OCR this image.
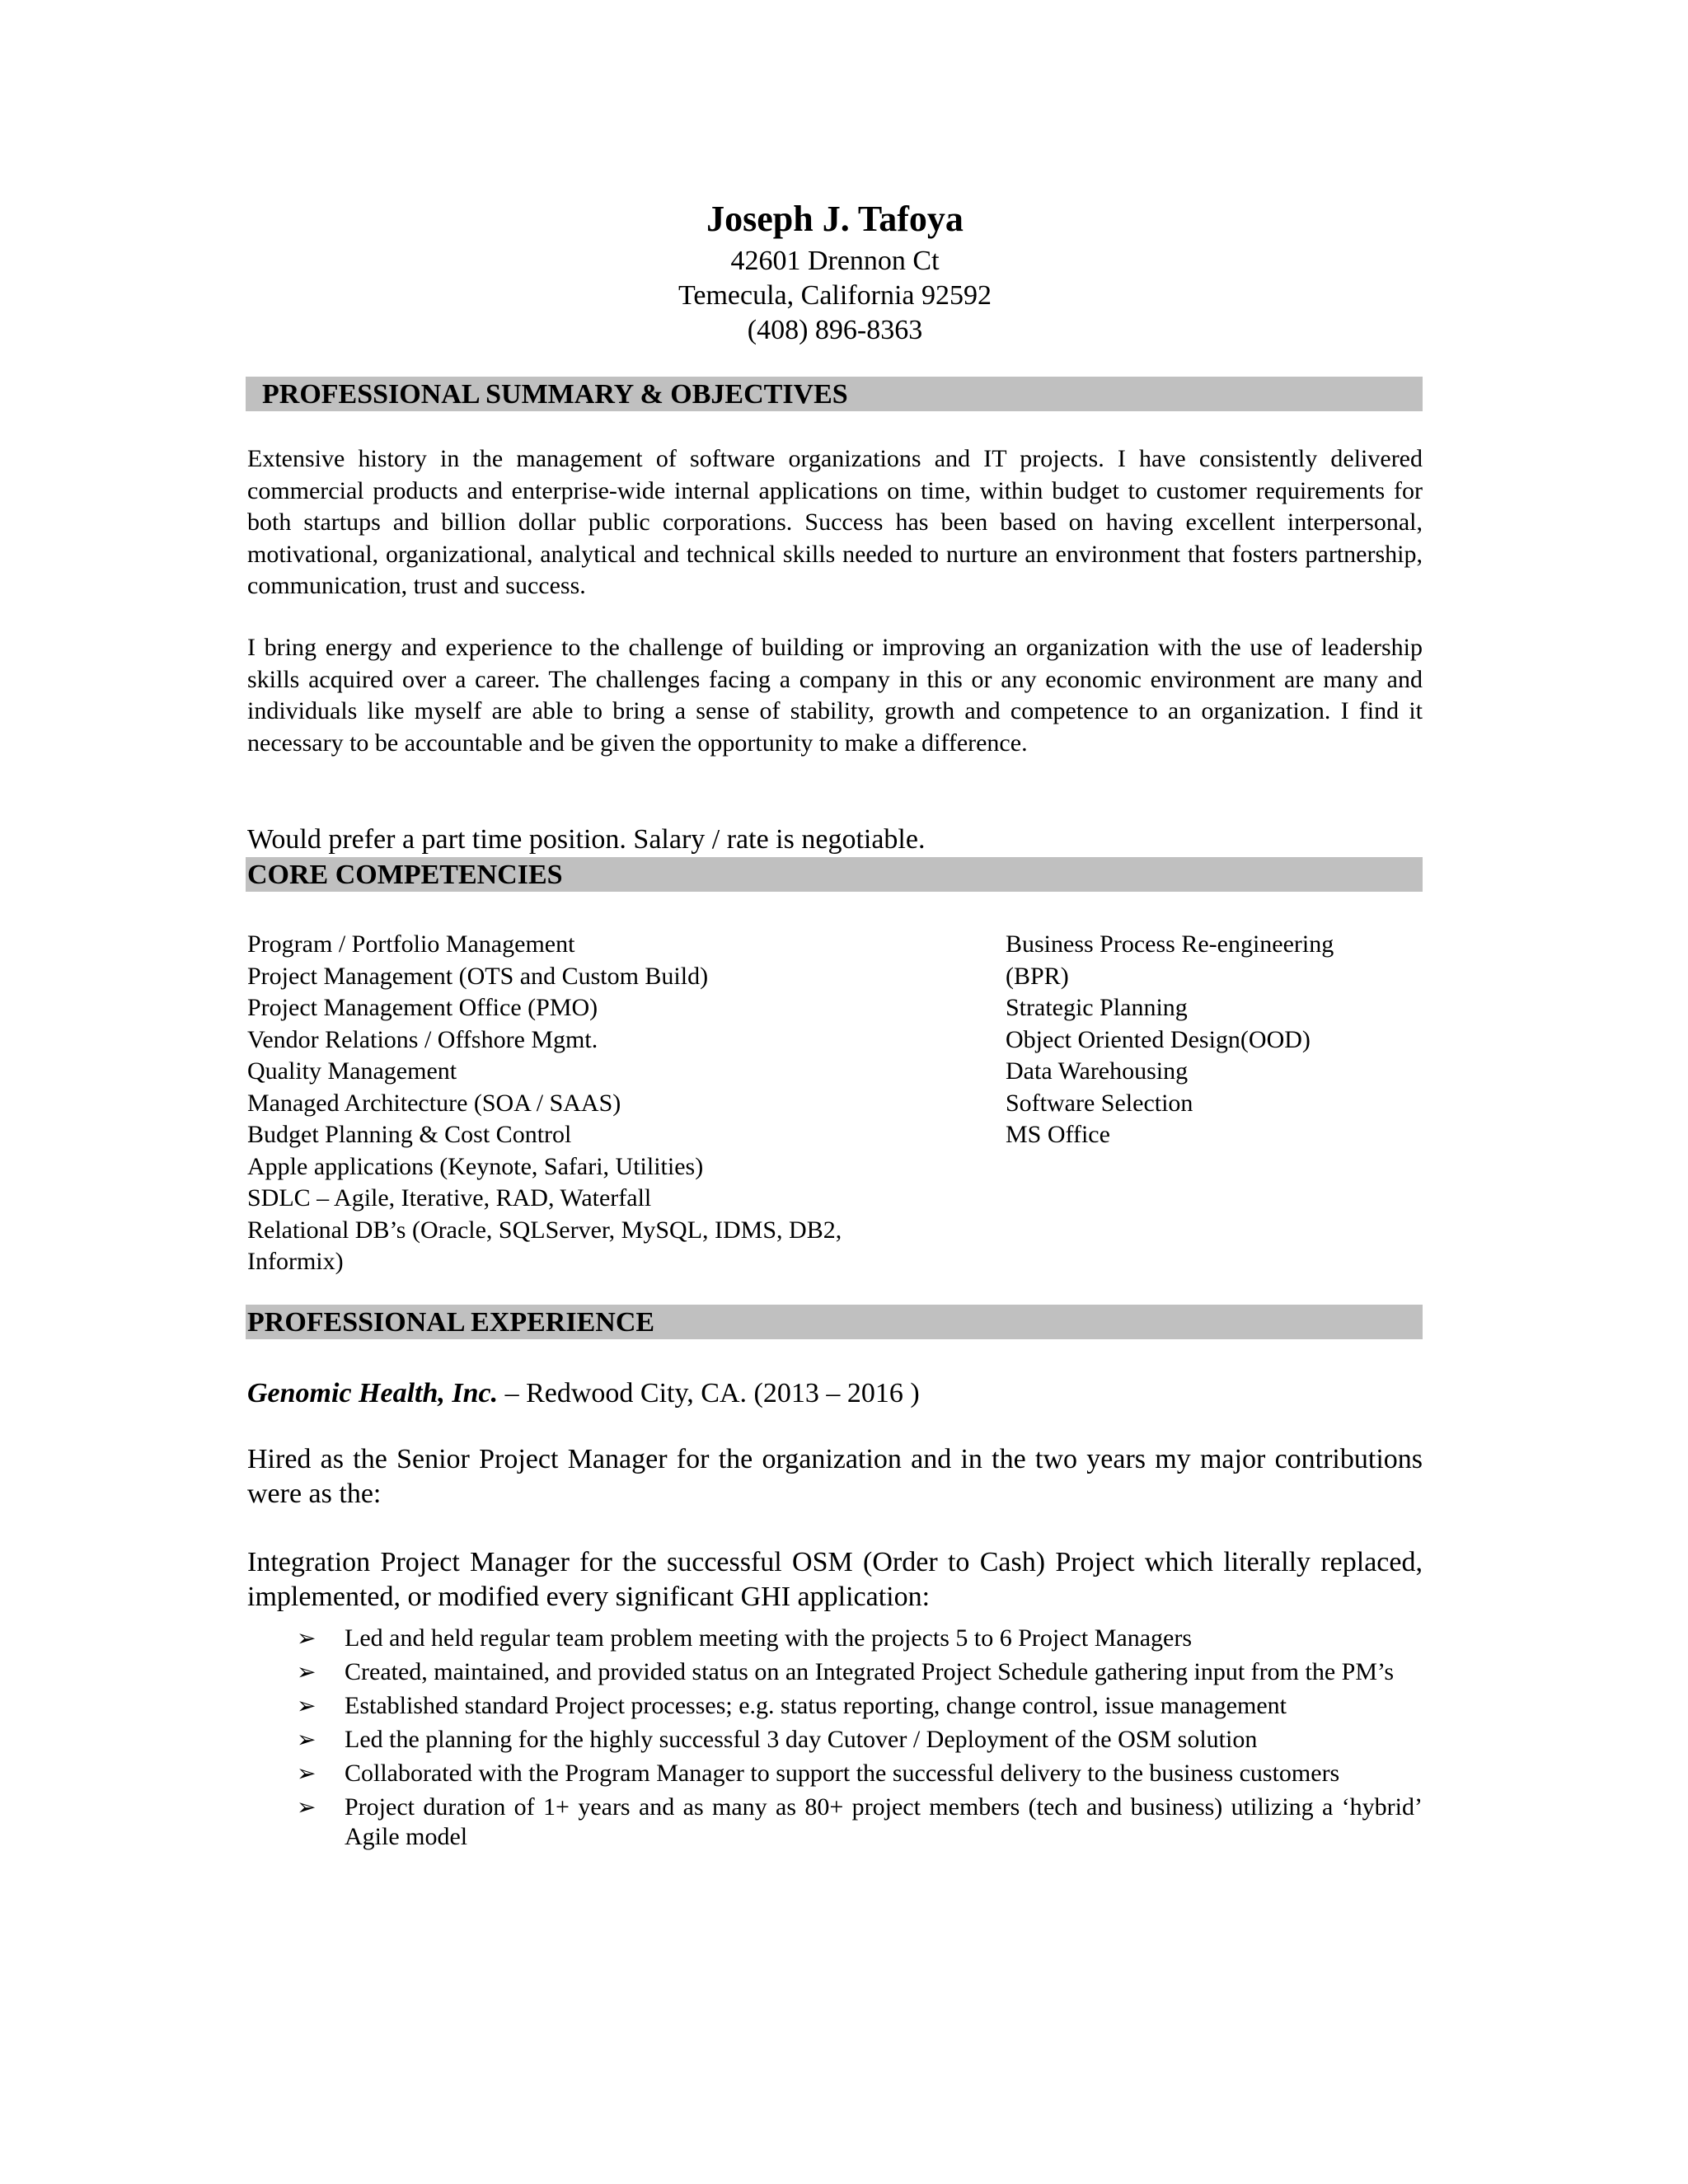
Joseph J. Tafoya
42601 Drennon Ct
Temecula, California 92592
(408) 896-8363
PROFESSIONAL SUMMARY & OBJECTIVES
Extensive history in the management of software organizations and IT projects. I have consistently delivered commercial products and enterprise-wide internal applications on time, within budget to customer requirements for both startups and billion dollar public corporations. Success has been based on having excellent interpersonal, motivational, organizational, analytical and technical skills needed to nurture an environment that fosters partnership, communication, trust and success.
I bring energy and experience to the challenge of building or improving an organization with the use of leadership skills acquired over a career. The challenges facing a company in this or any economic environment are many and individuals like myself are able to bring a sense of stability, growth and competence to an organization. I find it necessary to be accountable and be given the opportunity to make a difference.
Would prefer a part time position. Salary / rate is negotiable.
CORE COMPETENCIES
Program / Portfolio Management
Project Management (OTS and Custom Build)
Project Management Office (PMO)
Vendor Relations / Offshore Mgmt.
Quality Management
Managed Architecture (SOA / SAAS)
Budget Planning & Cost Control
Apple applications (Keynote, Safari, Utilities)
SDLC – Agile, Iterative, RAD, Waterfall
Relational DB’s (Oracle, SQLServer, MySQL, IDMS, DB2,
Informix)
Business Process Re-engineering
(BPR)
Strategic Planning
Object Oriented Design(OOD)
Data Warehousing
Software Selection
MS Office
PROFESSIONAL EXPERIENCE
Genomic Health, Inc. – Redwood City, CA. (2013 – 2016 )
Hired as the Senior Project Manager for the organization and in the two years my major contributions were as the:
Integration Project Manager for the successful OSM (Order to Cash) Project which literally replaced, implemented, or modified every significant GHI application:
➢ Led and held regular team problem meeting with the projects 5 to 6 Project Managers
➢ Created, maintained, and provided status on an Integrated Project Schedule gathering input from the PM’s
➢ Established standard Project processes; e.g. status reporting, change control, issue management
➢ Led the planning for the highly successful 3 day Cutover / Deployment of the OSM solution
➢ Collaborated with the Program Manager to support the successful delivery to the business customers
➢ Project duration of 1+ years and as many as 80+ project members (tech and business) utilizing a ‘hybrid’ Agile model
